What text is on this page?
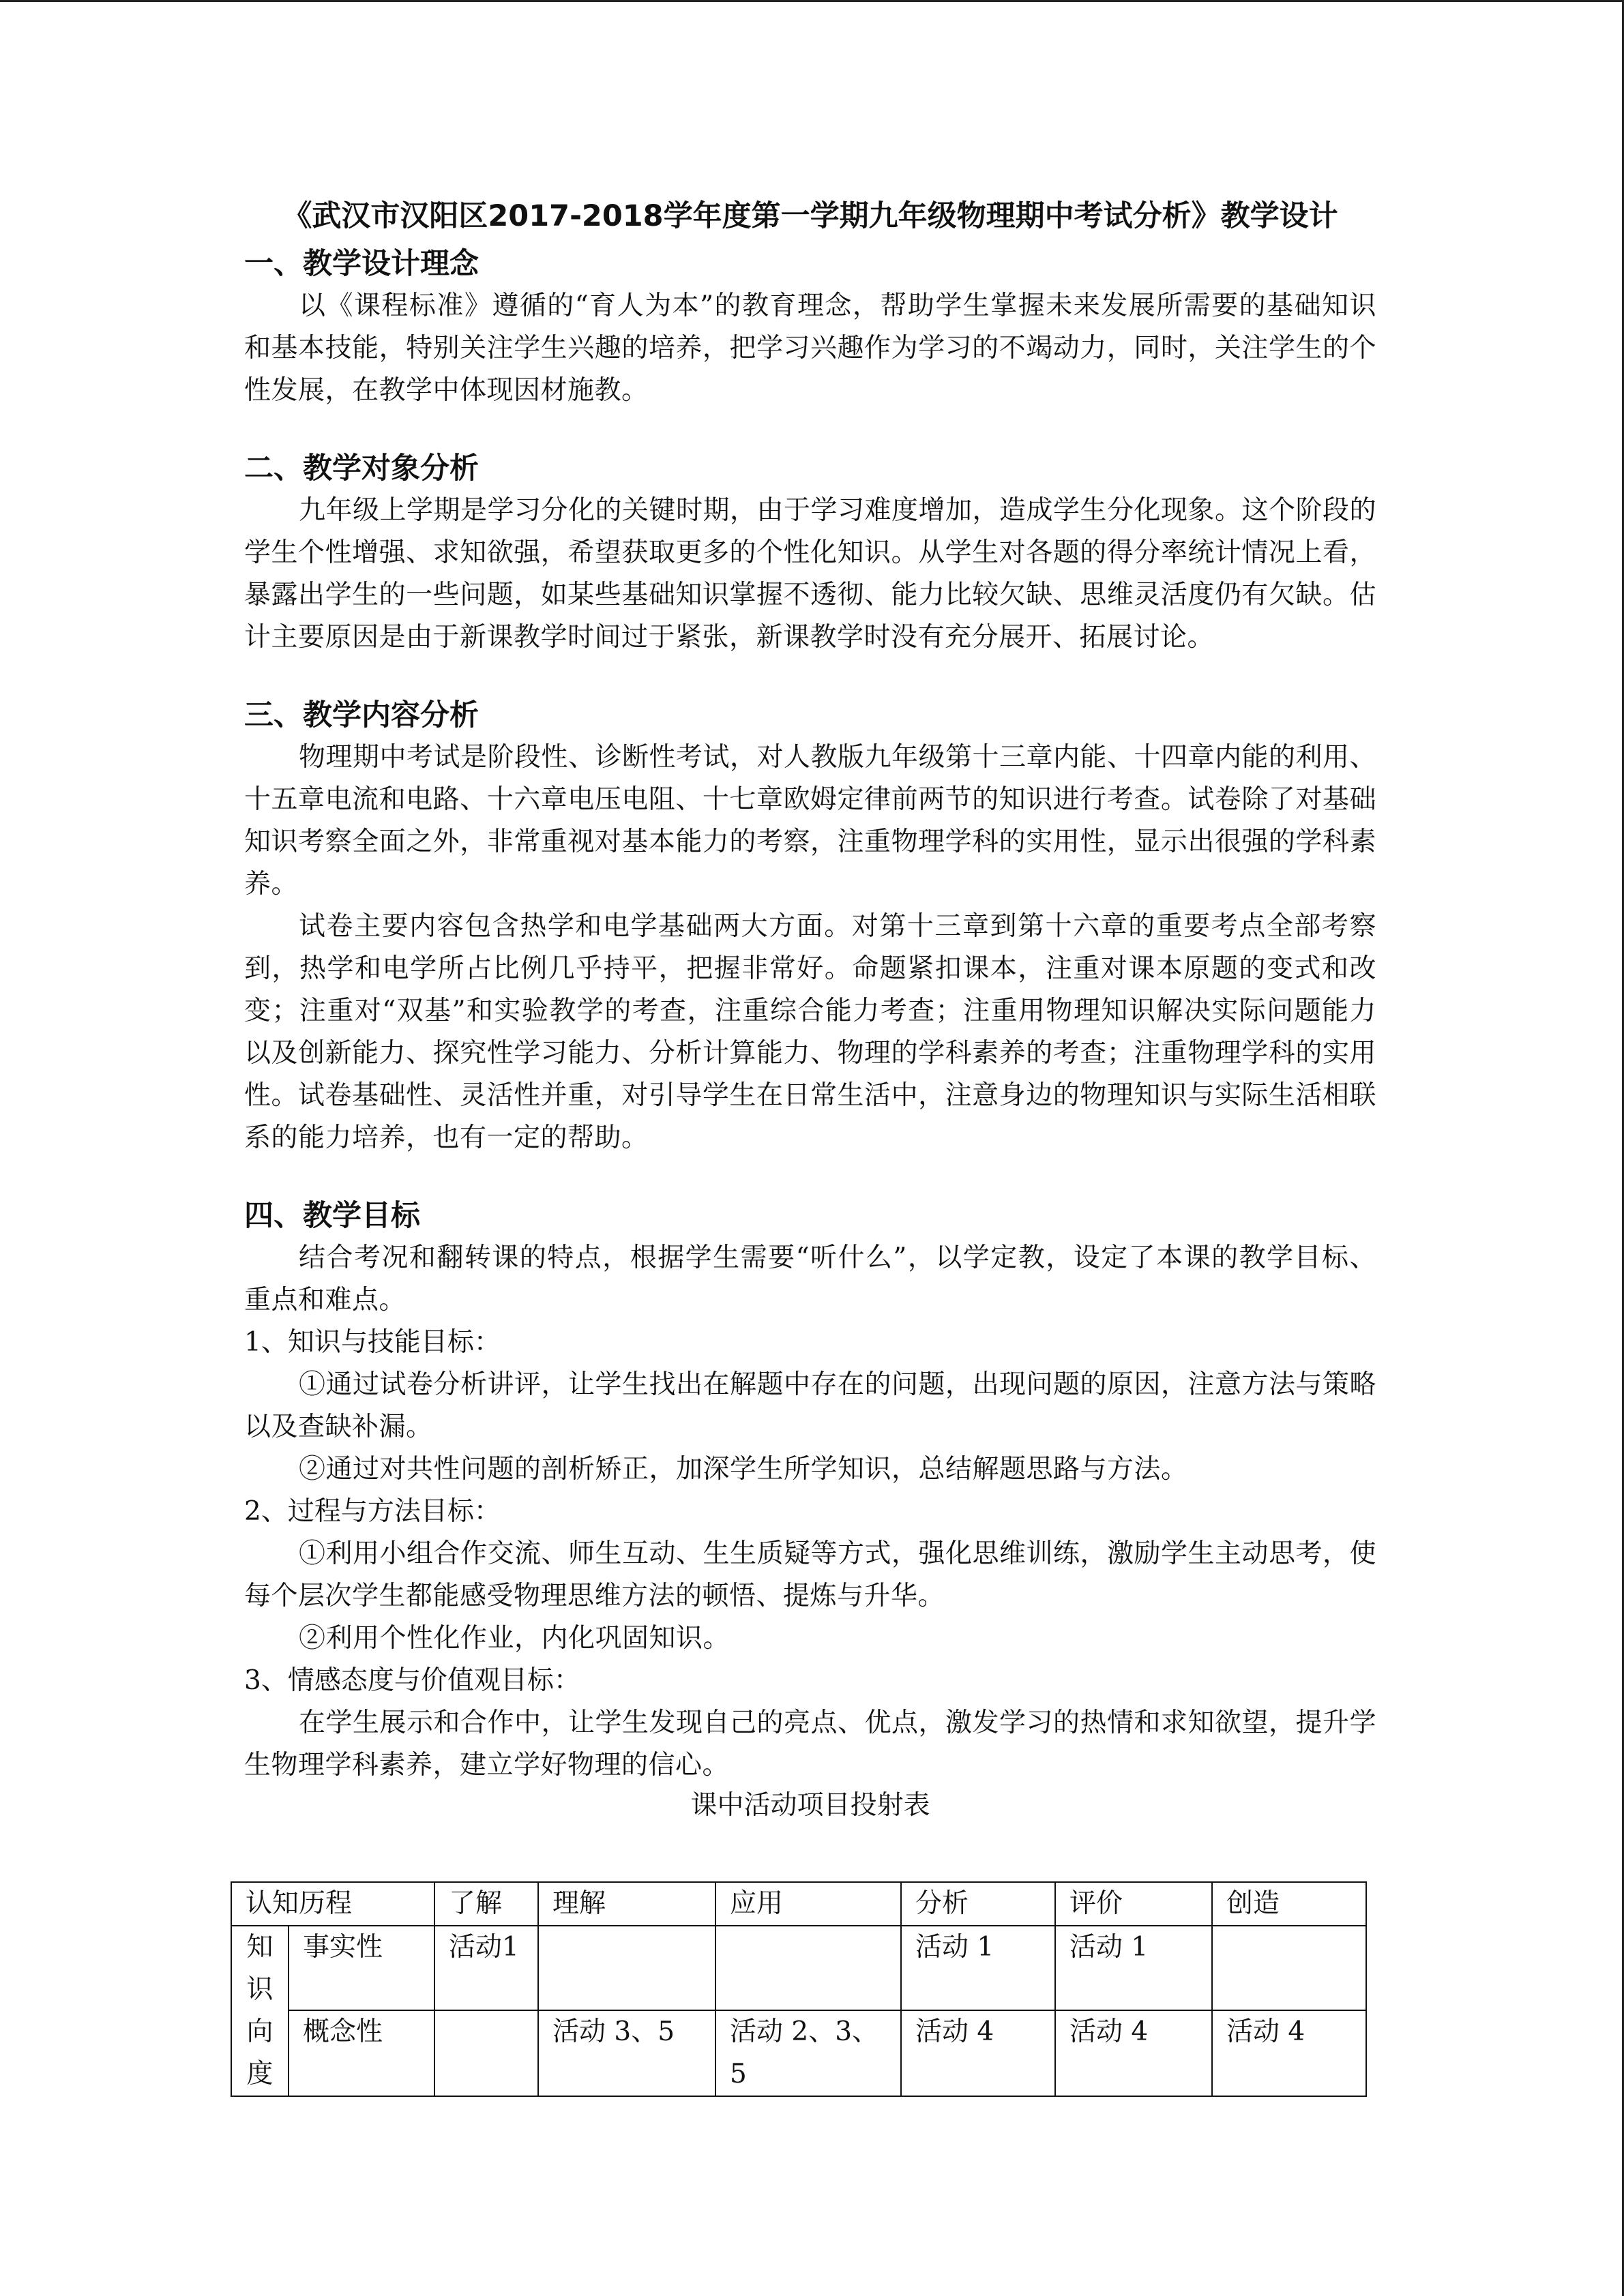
《武汉市汉阳区2017-2018学年度第一学期九年级物理期中考试分析》教学设计
一、教学设计理念

以《课程标准》遵循的“育人为本”的教育理念，帮助学生掌握未来发展所需要的基础知识和基本技能，特别关注学生兴趣的培养，把学习兴趣作为学习的不竭动力，同时，关注学生的个性发展，在教学中体现因材施教。

二、教学对象分析

九年级上学期是学习分化的关键时期，由于学习难度增加，造成学生分化现象。这个阶段的学生个性增强、求知欲强，希望获取更多的个性化知识。从学生对各题的得分率统计情况上看，暴露出学生的一些问题，如某些基础知识掌握不透彻、能力比较欠缺、思维灵活度仍有欠缺。估计主要原因是由于新课教学时间过于紧张，新课教学时没有充分展开、拓展讨论。

三、教学内容分析

物理期中考试是阶段性、诊断性考试，对人教版九年级第十三章内能、十四章内能的利用、十五章电流和电路、十六章电压电阻、十七章欧姆定律前两节的知识进行考查。试卷除了对基础知识考察全面之外，非常重视对基本能力的考察，注重物理学科的实用性，显示出很强的学科素养。

试卷主要内容包含热学和电学基础两大方面。对第十三章到第十六章的重要考点全部考察到，热学和电学所占比例几乎持平，把握非常好。命题紧扣课本，注重对课本原题的变式和改变；注重对“双基”和实验教学的考查，注重综合能力考查；注重用物理知识解决实际问题能力以及创新能力、探究性学习能力、分析计算能力、物理的学科素养的考查；注重物理学科的实用性。试卷基础性、灵活性并重，对引导学生在日常生活中，注意身边的物理知识与实际生活相联系的能力培养，也有一定的帮助。

四、教学目标

结合考况和翻转课的特点，根据学生需要“听什么”，以学定教，设定了本课的教学目标、重点和难点。

1、知识与技能目标：

①通过试卷分析讲评，让学生找出在解题中存在的问题，出现问题的原因，注意方法与策略以及查缺补漏。

②通过对共性问题的剖析矫正，加深学生所学知识，总结解题思路与方法。

2、过程与方法目标：

①利用小组合作交流、师生互动、生生质疑等方式，强化思维训练，激励学生主动思考，使每个层次学生都能感受物理思维方法的顿悟、提炼与升华。

②利用个性化作业，内化巩固知识。

3、情感态度与价值观目标：

在学生展示和合作中，让学生发现自己的亮点、优点，激发学习的热情和求知欲望，提升学生物理学科素养，建立学好物理的信心。

课中活动项目投射表

认知历程		了解	理解	应用	分析	评价	创造

知
识
向
度	事实性	活动1			活动 1	活动 1	
	概念性		活动 3、5	活动 2、3、5	活动 4	活动 4	活动 4
